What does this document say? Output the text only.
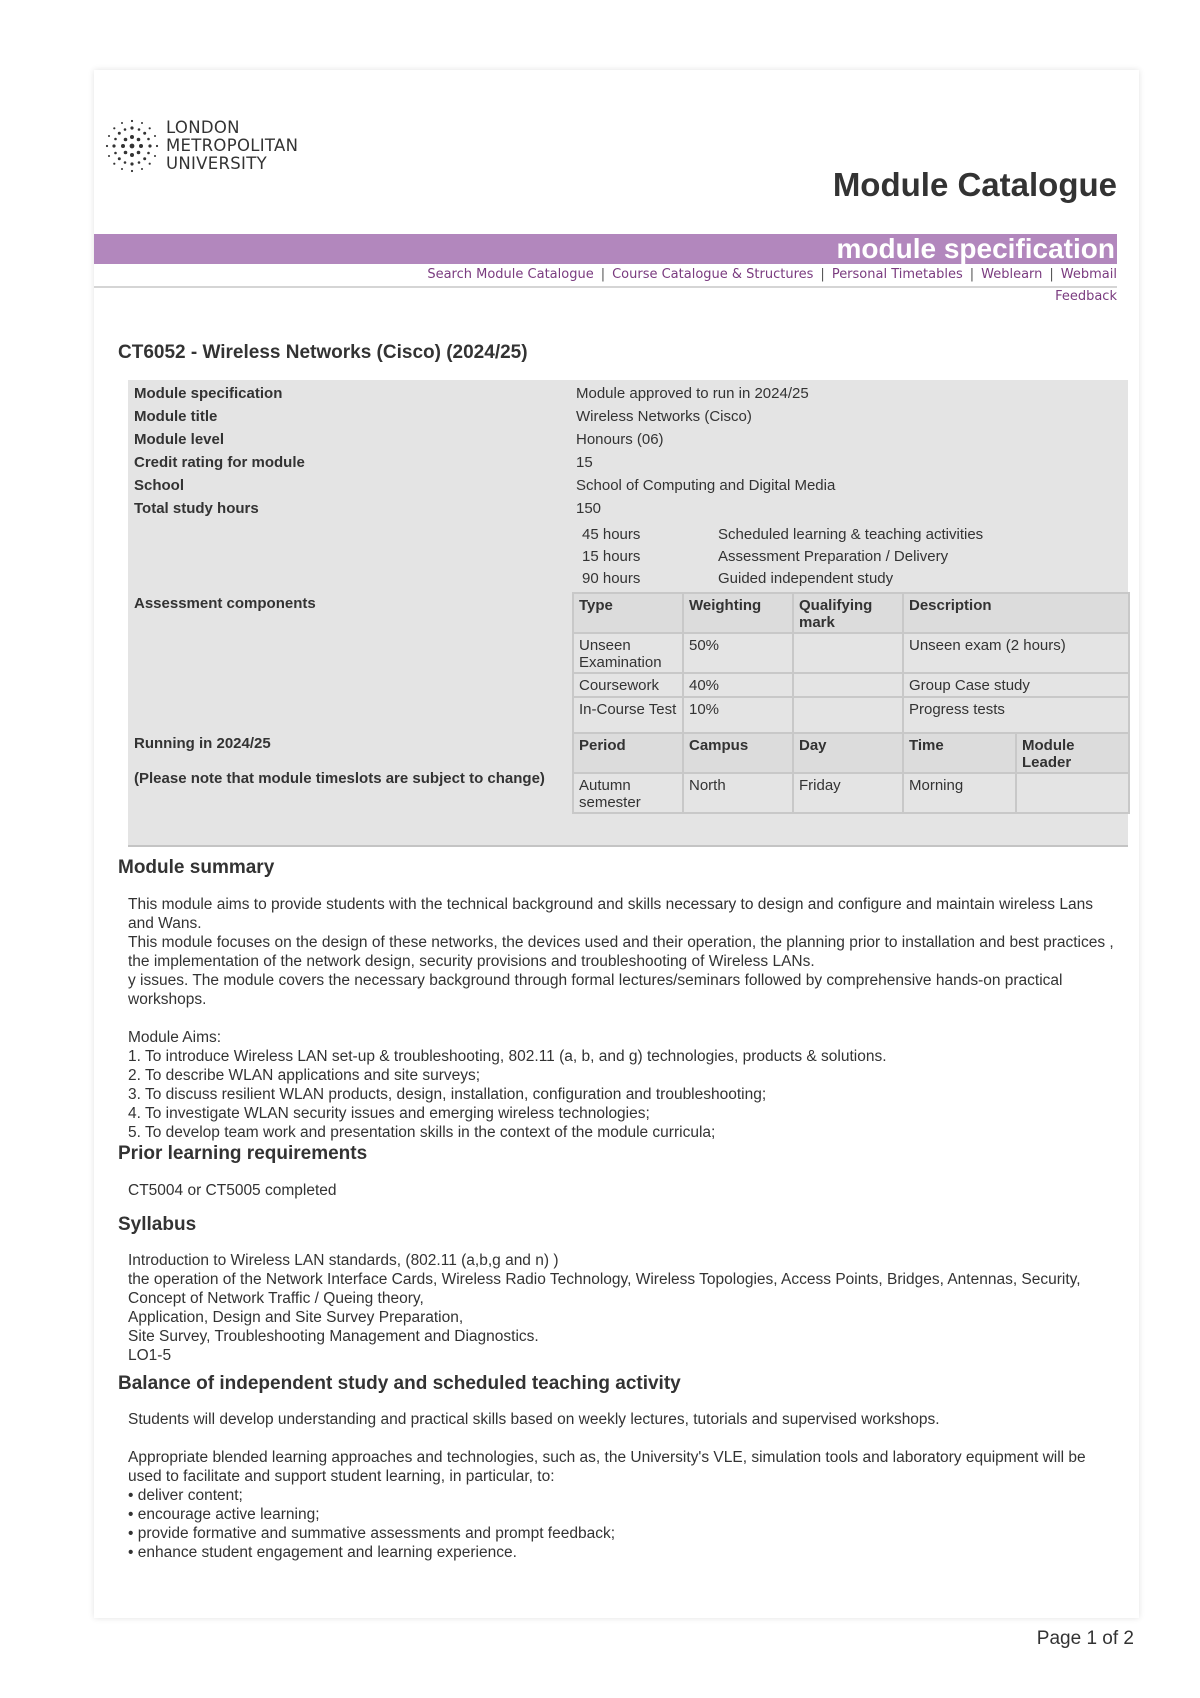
LONDON
METROPOLITAN
UNIVERSITY
Module Catalogue
module specification
Search Module Catalogue | Course Catalogue & Structures | Personal Timetables | Weblearn | Webmail
Feedback
CT6052 - Wireless Networks (Cisco) (2024/25)
Module specification	Module approved to run in 2024/25
Module title	Wireless Networks (Cisco)
Module level	Honours (06)
Credit rating for module	15
School	School of Computing and Digital Media
Total study hours	150
45 hours	Scheduled learning & teaching activities
15 hours	Assessment Preparation / Delivery
90 hours	Guided independent study
Assessment components	Type	Weighting	Qualifying mark	Description
Unseen Examination	50%		Unseen exam (2 hours)
Coursework	40%		Group Case study
In-Course Test	10%		Progress tests
Running in 2024/25
(Please note that module timeslots are subject to change)
Period	Campus	Day	Time	Module Leader
Autumn semester	North	Friday	Morning	
Module summary

This module aims to provide students with the technical background and skills necessary to design and configure and maintain wireless Lans and Wans.

This module focuses on the design of these networks, the devices used and their operation, the planning prior to installation and best practices , the implementation of the network design, security provisions and troubleshooting of Wireless LANs.

y issues. The module covers the necessary background through formal lectures/seminars followed by comprehensive hands-on practical workshops.

Module Aims:

1. To introduce Wireless LAN set-up & troubleshooting, 802.11 (a, b, and g) technologies, products & solutions.

2. To describe WLAN applications and site surveys;

3. To discuss resilient WLAN products, design, installation, configuration and troubleshooting;

4. To investigate WLAN security issues and emerging wireless technologies;

5. To develop team work and presentation skills in the context of the module curricula;

Prior learning requirements

CT5004 or CT5005 completed

Syllabus

Introduction to Wireless LAN standards, (802.11 (a,b,g and n) )

the operation of the Network Interface Cards, Wireless Radio Technology, Wireless Topologies, Access Points, Bridges, Antennas, Security, Concept of Network Traffic / Queing theory,

Application, Design and Site Survey Preparation,

Site Survey, Troubleshooting Management and Diagnostics.

LO1-5

Balance of independent study and scheduled teaching activity

Students will develop understanding and practical skills based on weekly lectures, tutorials and supervised workshops.

Appropriate blended learning approaches and technologies, such as, the University's VLE, simulation tools and laboratory equipment will be used to facilitate and support student learning, in particular, to:

• deliver content;

• encourage active learning;

• provide formative and summative assessments and prompt feedback;

• enhance student engagement and learning experience.

Page 1 of 2
